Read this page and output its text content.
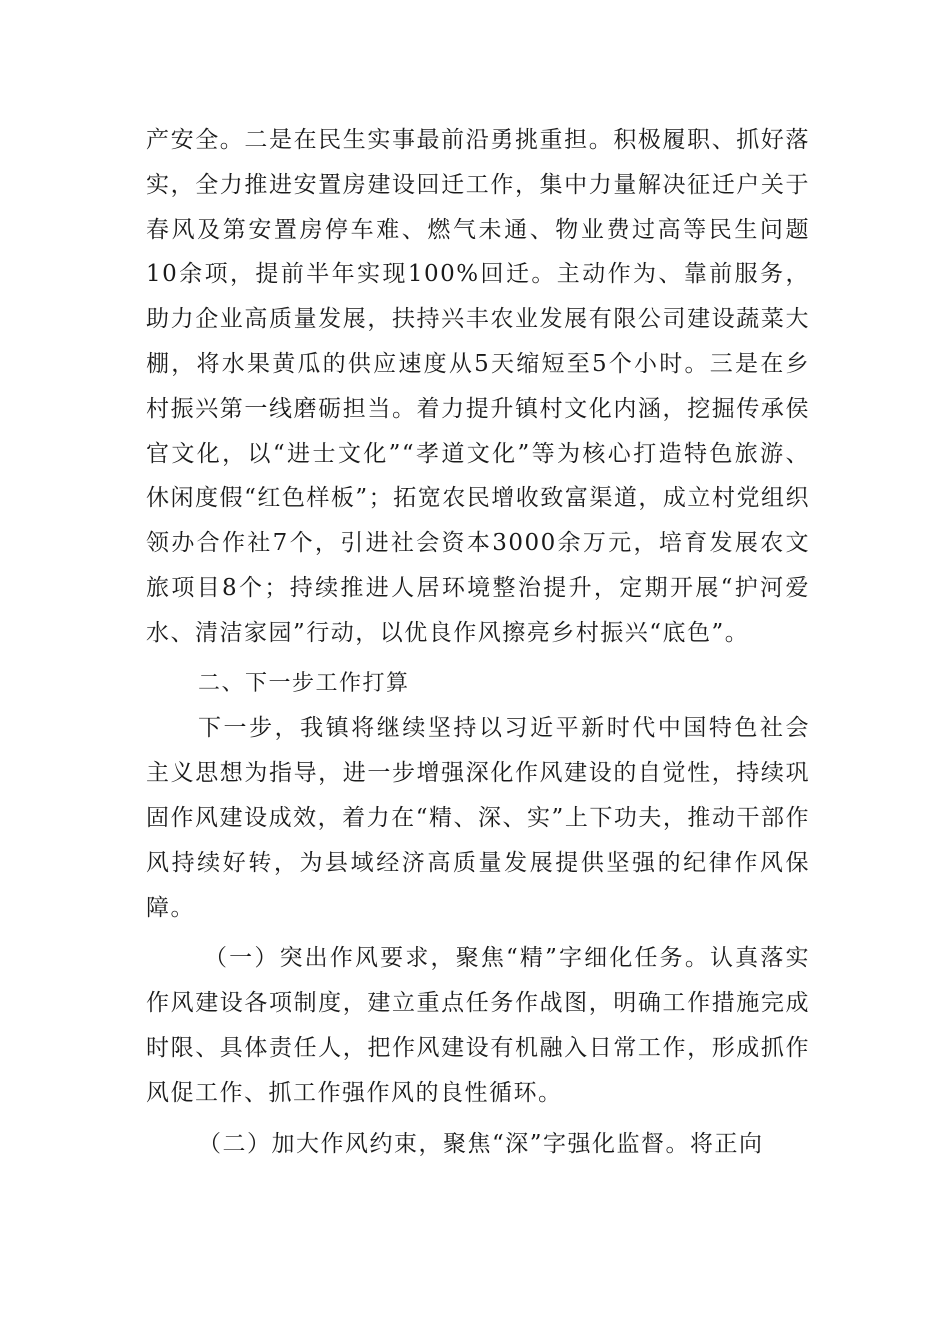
产安全。二是在民生实事最前沿勇挑重担。积极履职、抓好落实，全力推进安置房建设回迁工作，集中力量解决征迁户关于春风及第安置房停车难、燃气未通、物业费过高等民生问题10余项，提前半年实现100%回迁。主动作为、靠前服务，助力企业高质量发展，扶持兴丰农业发展有限公司建设蔬菜大棚，将水果黄瓜的供应速度从5天缩短至5个小时。三是在乡村振兴第一线磨砺担当。着力提升镇村文化内涵，挖掘传承侯官文化，以“进士文化”“孝道文化”等为核心打造特色旅游、休闲度假“红色样板”；拓宽农民增收致富渠道，成立村党组织领办合作社7个，引进社会资本3000余万元，培育发展农文旅项目8个；持续推进人居环境整治提升，定期开展“护河爱水、清洁家园”行动，以优良作风擦亮乡村振兴“底色”。

二、下一步工作打算

下一步，我镇将继续坚持以习近平新时代中国特色社会主义思想为指导，进一步增强深化作风建设的自觉性，持续巩固作风建设成效，着力在“精、深、实”上下功夫，推动干部作风持续好转，为县域经济高质量发展提供坚强的纪律作风保障。

（一）突出作风要求，聚焦“精”字细化任务。认真落实作风建设各项制度，建立重点任务作战图，明确工作措施完成时限、具体责任人，把作风建设有机融入日常工作，形成抓作风促工作、抓工作强作风的良性循环。

（二）加大作风约束，聚焦“深”字强化监督。将正向
